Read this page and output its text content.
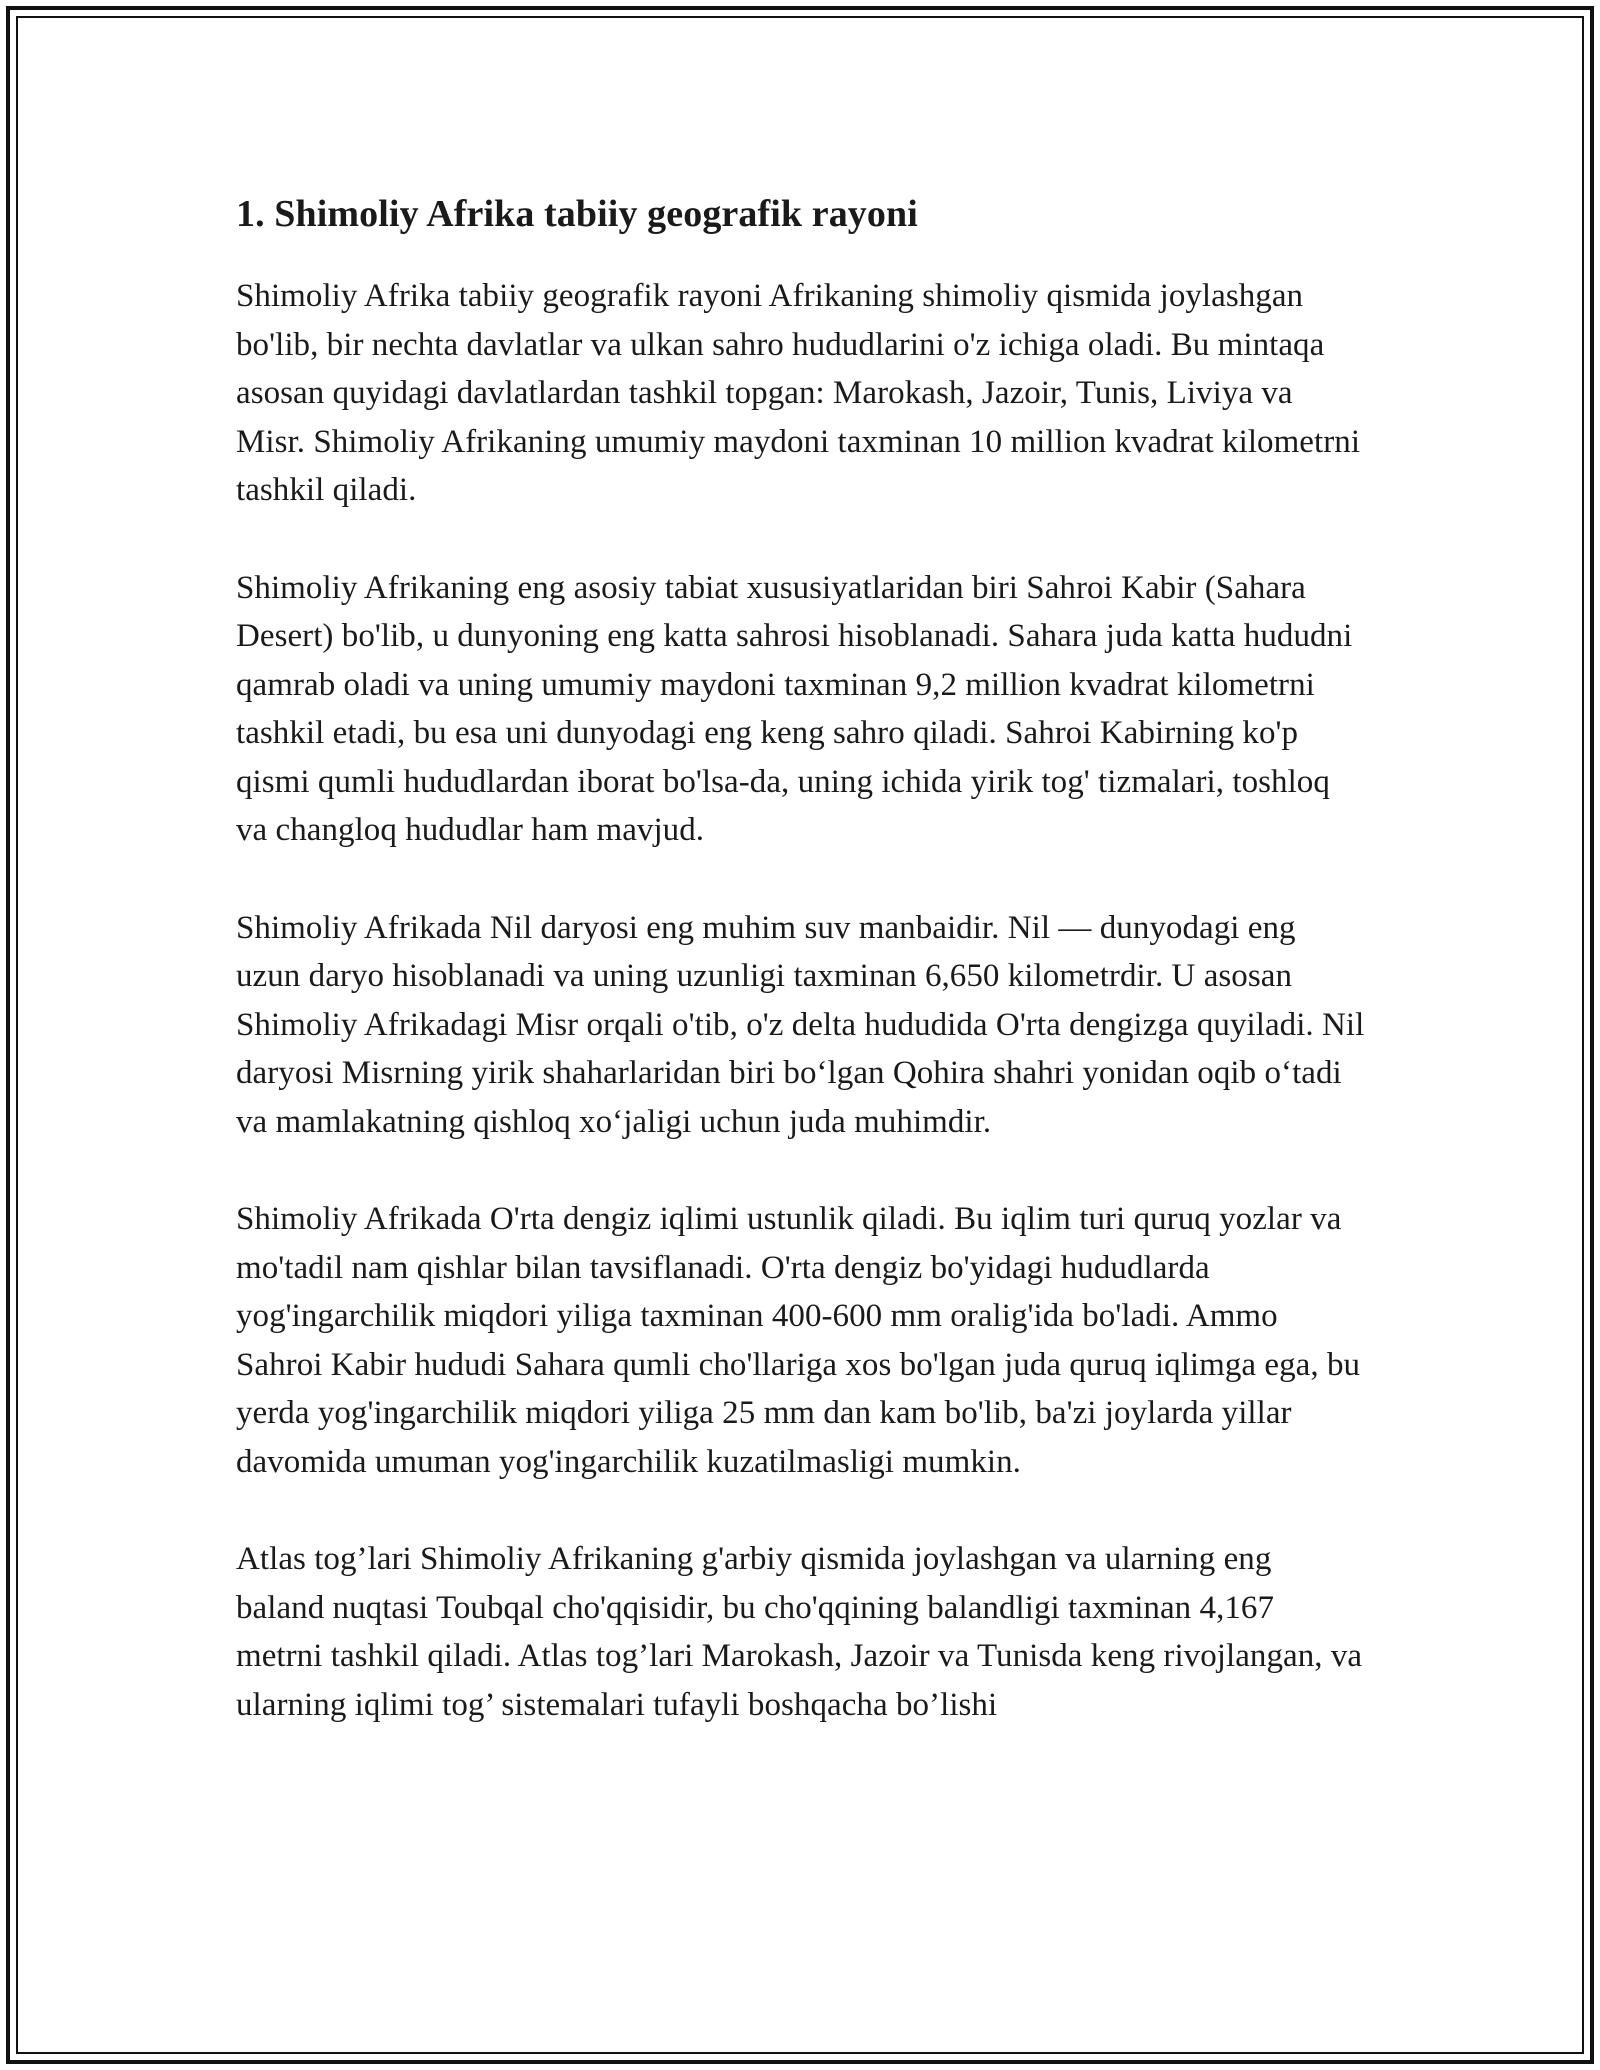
1. Shimoliy Afrika tabiiy geografik rayoni

Shimoliy Afrika tabiiy geografik rayoni Afrikaning shimoliy qismida joylashgan bo'lib, bir nechta davlatlar va ulkan sahro hududlarini o'z ichiga oladi. Bu mintaqa asosan quyidagi davlatlardan tashkil topgan: Marokash, Jazoir, Tunis, Liviya va Misr. Shimoliy Afrikaning umumiy maydoni taxminan 10 million kvadrat kilometrni tashkil qiladi.

Shimoliy Afrikaning eng asosiy tabiat xususiyatlaridan biri Sahroi Kabir (Sahara Desert) bo'lib, u dunyoning eng katta sahrosi hisoblanadi. Sahara juda katta hududni qamrab oladi va uning umumiy maydoni taxminan 9,2 million kvadrat kilometrni tashkil etadi, bu esa uni dunyodagi eng keng sahro qiladi. Sahroi Kabirning ko'p qismi qumli hududlardan iborat bo'lsa-da, uning ichida yirik tog' tizmalari, toshloq va changloq hududlar ham mavjud.

Shimoliy Afrikada Nil daryosi eng muhim suv manbaidir. Nil — dunyodagi eng uzun daryo hisoblanadi va uning uzunligi taxminan 6,650 kilometrdir. U asosan Shimoliy Afrikadagi Misr orqali o'tib, o'z delta hududida O'rta dengizga quyiladi. Nil daryosi Misrning yirik shaharlaridan biri bo‘lgan Qohira shahri yonidan oqib o‘tadi va mamlakatning qishloq xo‘jaligi uchun juda muhimdir.

Shimoliy Afrikada O'rta dengiz iqlimi ustunlik qiladi. Bu iqlim turi quruq yozlar va mo'tadil nam qishlar bilan tavsiflanadi. O'rta dengiz bo'yidagi hududlarda yog'ingarchilik miqdori yiliga taxminan 400-600 mm oralig'ida bo'ladi. Ammo Sahroi Kabir hududi Sahara qumli cho'llariga xos bo'lgan juda quruq iqlimga ega, bu yerda yog'ingarchilik miqdori yiliga 25 mm dan kam bo'lib, ba'zi joylarda yillar davomida umuman yog'ingarchilik kuzatilmasligi mumkin.

Atlas tog’lari Shimoliy Afrikaning g'arbiy qismida joylashgan va ularning eng baland nuqtasi Toubqal cho'qqisidir, bu cho'qqining balandligi taxminan 4,167 metrni tashkil qiladi. Atlas tog’lari Marokash, Jazoir va Tunisda keng rivojlangan, va ularning iqlimi tog’ sistemalari tufayli boshqacha bo’lishi
